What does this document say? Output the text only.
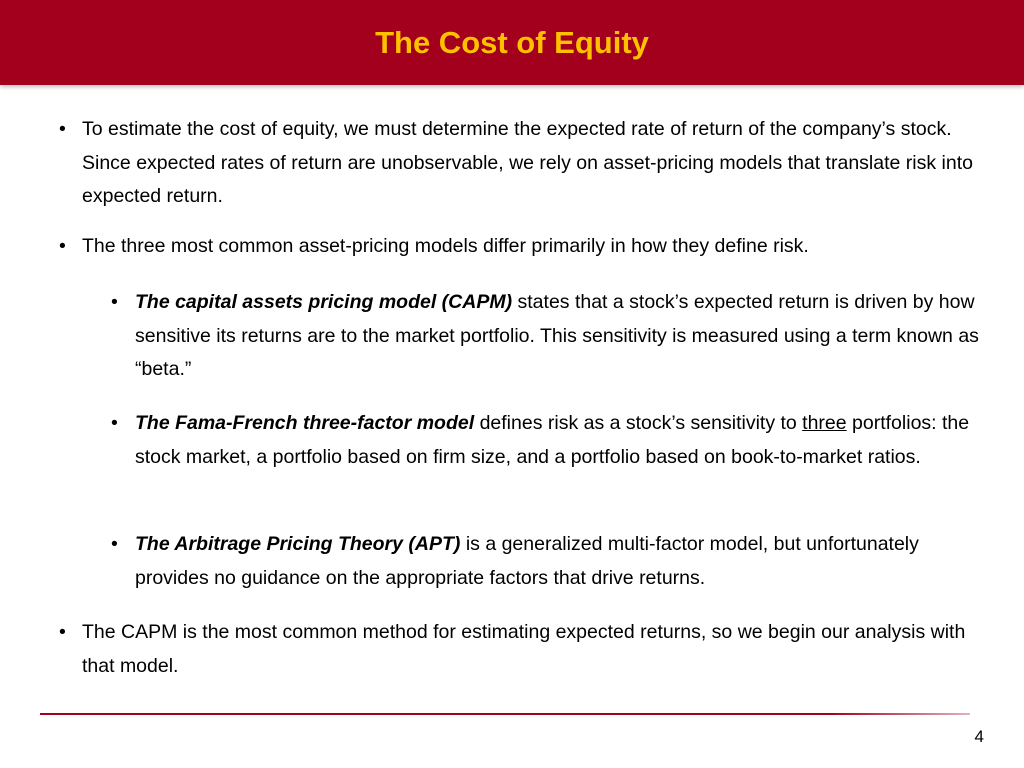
The Cost of Equity
• To estimate the cost of equity, we must determine the expected rate of return of the company’s stock. Since expected rates of return are unobservable, we rely on asset-pricing models that translate risk into expected return.
• The three most common asset-pricing models differ primarily in how they define risk.
• The capital assets pricing model (CAPM) states that a stock’s expected return is driven by how sensitive its returns are to the market portfolio. This sensitivity is measured using a term known as “beta.”
• The Fama-French three-factor model defines risk as a stock’s sensitivity to three portfolios: the stock market, a portfolio based on firm size, and a portfolio based on book-to-market ratios.
• The Arbitrage Pricing Theory (APT) is a generalized multi-factor model, but unfortunately provides no guidance on the appropriate factors that drive returns.
• The CAPM is the most common method for estimating expected returns, so we begin our analysis with that model.
4
